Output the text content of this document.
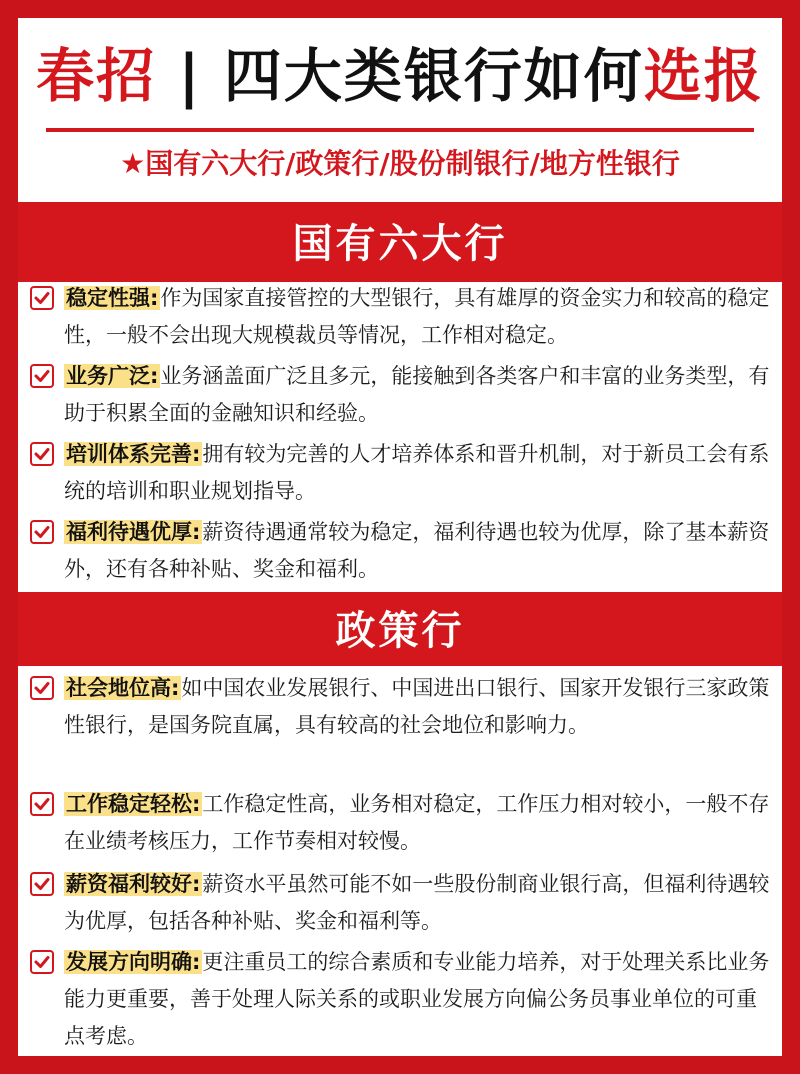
春招 | 四大类银行如何选报
★国有六大行/政策行/股份制银行/地方性银行
国有六大行
稳定性强:作为国家直接管控的大型银行，具有雄厚的资金实力和较高的稳定性，一般不会出现大规模裁员等情况，工作相对稳定。
业务广泛:业务涵盖面广泛且多元，能接触到各类客户和丰富的业务类型，有助于积累全面的金融知识和经验。
培训体系完善:拥有较为完善的人才培养体系和晋升机制，对于新员工会有系统的培训和职业规划指导。
福利待遇优厚:薪资待遇通常较为稳定，福利待遇也较为优厚，除了基本薪资外，还有各种补贴、奖金和福利。
政策行
社会地位高:如中国农业发展银行、中国进出口银行、国家开发银行三家政策性银行，是国务院直属，具有较高的社会地位和影响力。
工作稳定轻松:工作稳定性高，业务相对稳定，工作压力相对较小，一般不存在业绩考核压力，工作节奏相对较慢。
薪资福利较好:薪资水平虽然可能不如一些股份制商业银行高，但福利待遇较为优厚，包括各种补贴、奖金和福利等。
发展方向明确:更注重员工的综合素质和专业能力培养，对于处理关系比业务能力更重要，善于处理人际关系的或职业发展方向偏公务员事业单位的可重点考虑。
